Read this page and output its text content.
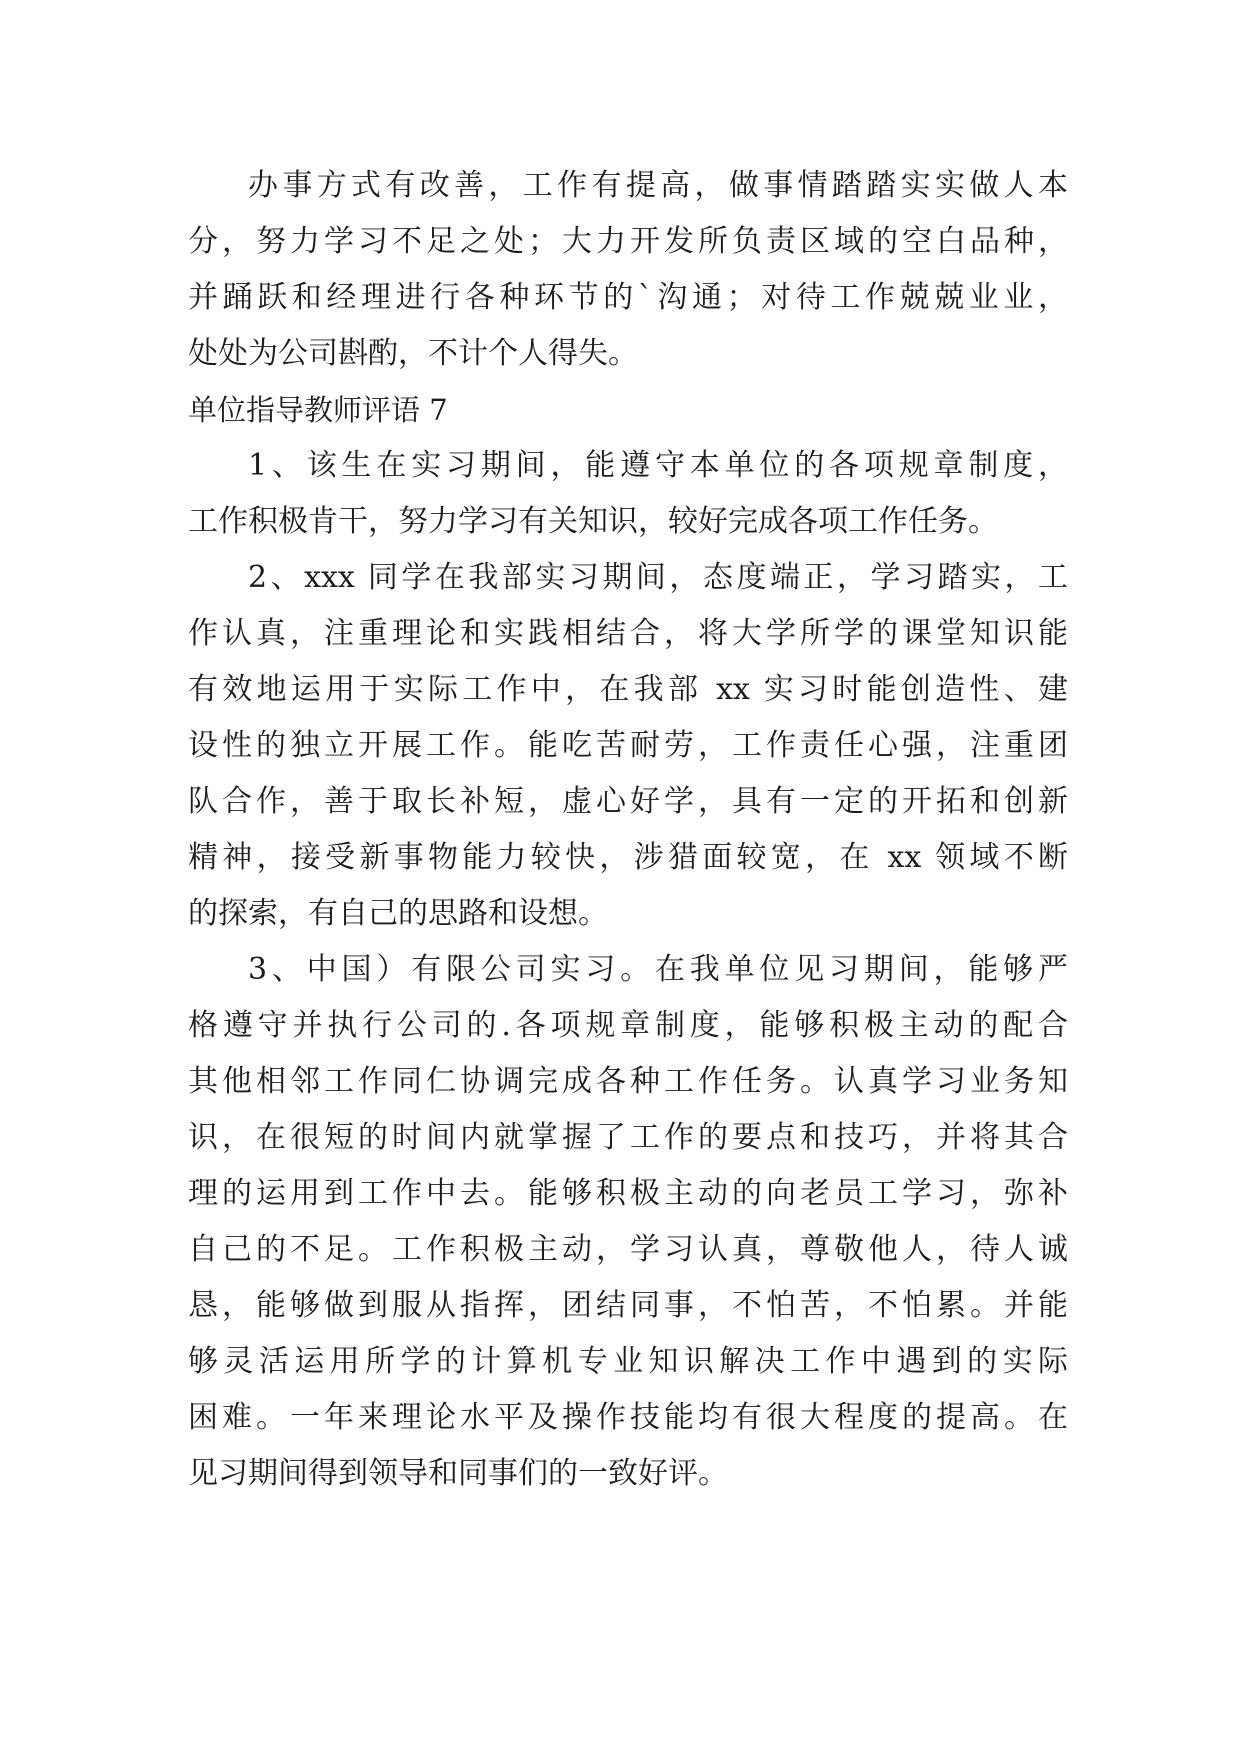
办事方式有改善，工作有提高，做事情踏踏实实做人本
分，努力学习不足之处；大力开发所负责区域的空白品种，
并踊跃和经理进行各种环节的`沟通；对待工作兢兢业业，
处处为公司斟酌，不计个人得失。
单位指导教师评语 7
1、该生在实习期间，能遵守本单位的各项规章制度，
工作积极肯干，努力学习有关知识，较好完成各项工作任务。
2、xxx 同学在我部实习期间，态度端正，学习踏实，工
作认真，注重理论和实践相结合，将大学所学的课堂知识能
有效地运用于实际工作中，在我部 xx 实习时能创造性、建
设性的独立开展工作。能吃苦耐劳，工作责任心强，注重团
队合作，善于取长补短，虚心好学，具有一定的开拓和创新
精神，接受新事物能力较快，涉猎面较宽，在 xx 领域不断
的探索，有自己的思路和设想。
3、中国）有限公司实习。在我单位见习期间，能够严
格遵守并执行公司的.各项规章制度，能够积极主动的配合
其他相邻工作同仁协调完成各种工作任务。认真学习业务知
识，在很短的时间内就掌握了工作的要点和技巧，并将其合
理的运用到工作中去。能够积极主动的向老员工学习，弥补
自己的不足。工作积极主动，学习认真，尊敬他人，待人诚
恳，能够做到服从指挥，团结同事，不怕苦，不怕累。并能
够灵活运用所学的计算机专业知识解决工作中遇到的实际
困难。一年来理论水平及操作技能均有很大程度的提高。在
见习期间得到领导和同事们的一致好评。
